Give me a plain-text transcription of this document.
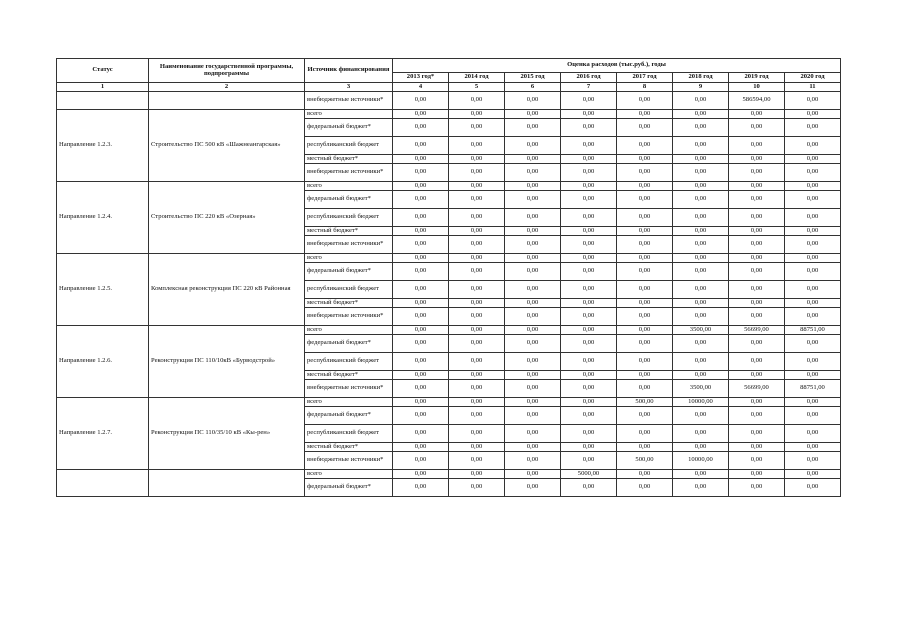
Статус	Наименование государственной программы, подпрограммы	Источник финансирования	Оценка расходов (тыс.руб.), годы							
			2013 год*	2014 год	2015 год	2016 год	2017 год	2018 год	2019 год	2020 год
1	2	3	4	5	6	7	8	9	10	11
		внебюджетные источники*	0,00	0,00	0,00	0,00	0,00	0,00	586594,00	0,00
Направление 1.2.3.	Строительство ПС 500 кВ «Шажнеангарская»	всего	0,00	0,00	0,00	0,00	0,00	0,00	0,00	0,00
		федеральный бюджет*	0,00	0,00	0,00	0,00	0,00	0,00	0,00	0,00
		республиканский бюджет	0,00	0,00	0,00	0,00	0,00	0,00	0,00	0,00
		местный бюджет*	0,00	0,00	0,00	0,00	0,00	0,00	0,00	0,00
		внебюджетные источники*	0,00	0,00	0,00	0,00	0,00	0,00	0,00	0,00
Направление 1.2.4.	Строительство ПС 220 кВ «Озерная»	всего	0,00	0,00	0,00	0,00	0,00	0,00	0,00	0,00
		федеральный бюджет*	0,00	0,00	0,00	0,00	0,00	0,00	0,00	0,00
		республиканский бюджет	0,00	0,00	0,00	0,00	0,00	0,00	0,00	0,00
		местный бюджет*	0,00	0,00	0,00	0,00	0,00	0,00	0,00	0,00
		внебюджетные источники*	0,00	0,00	0,00	0,00	0,00	0,00	0,00	0,00
Направление 1.2.5.	Комплексная реконструкция ПС 220 кВ Районная	всего	0,00	0,00	0,00	0,00	0,00	0,00	0,00	0,00
		федеральный бюджет*	0,00	0,00	0,00	0,00	0,00	0,00	0,00	0,00
		республиканский бюджет	0,00	0,00	0,00	0,00	0,00	0,00	0,00	0,00
		местный бюджет*	0,00	0,00	0,00	0,00	0,00	0,00	0,00	0,00
		внебюджетные источники*	0,00	0,00	0,00	0,00	0,00	0,00	0,00	0,00
Направление 1.2.6.	Реконструкция ПС 110/10кВ «Бурводстрой»	всего	0,00	0,00	0,00	0,00	0,00	3500,00	56699,00	88751,00
		федеральный бюджет*	0,00	0,00	0,00	0,00	0,00	0,00	0,00	0,00
		республиканский бюджет	0,00	0,00	0,00	0,00	0,00	0,00	0,00	0,00
		местный бюджет*	0,00	0,00	0,00	0,00	0,00	0,00	0,00	0,00
		внебюджетные источники*	0,00	0,00	0,00	0,00	0,00	3500,00	56699,00	88751,00
Направление 1.2.7.	Реконструкция ПС 110/35/10 кВ «Кы-рен»	всего	0,00	0,00	0,00	0,00	500,00	10000,00	0,00	0,00
		федеральный бюджет*	0,00	0,00	0,00	0,00	0,00	0,00	0,00	0,00
		республиканский бюджет	0,00	0,00	0,00	0,00	0,00	0,00	0,00	0,00
		местный бюджет*	0,00	0,00	0,00	0,00	0,00	0,00	0,00	0,00
		внебюджетные источники*	0,00	0,00	0,00	0,00	500,00	10000,00	0,00	0,00
		всего	0,00	0,00	0,00	5000,00	0,00	0,00	0,00	0,00
		федеральный бюджет*	0,00	0,00	0,00	0,00	0,00	0,00	0,00	0,00
